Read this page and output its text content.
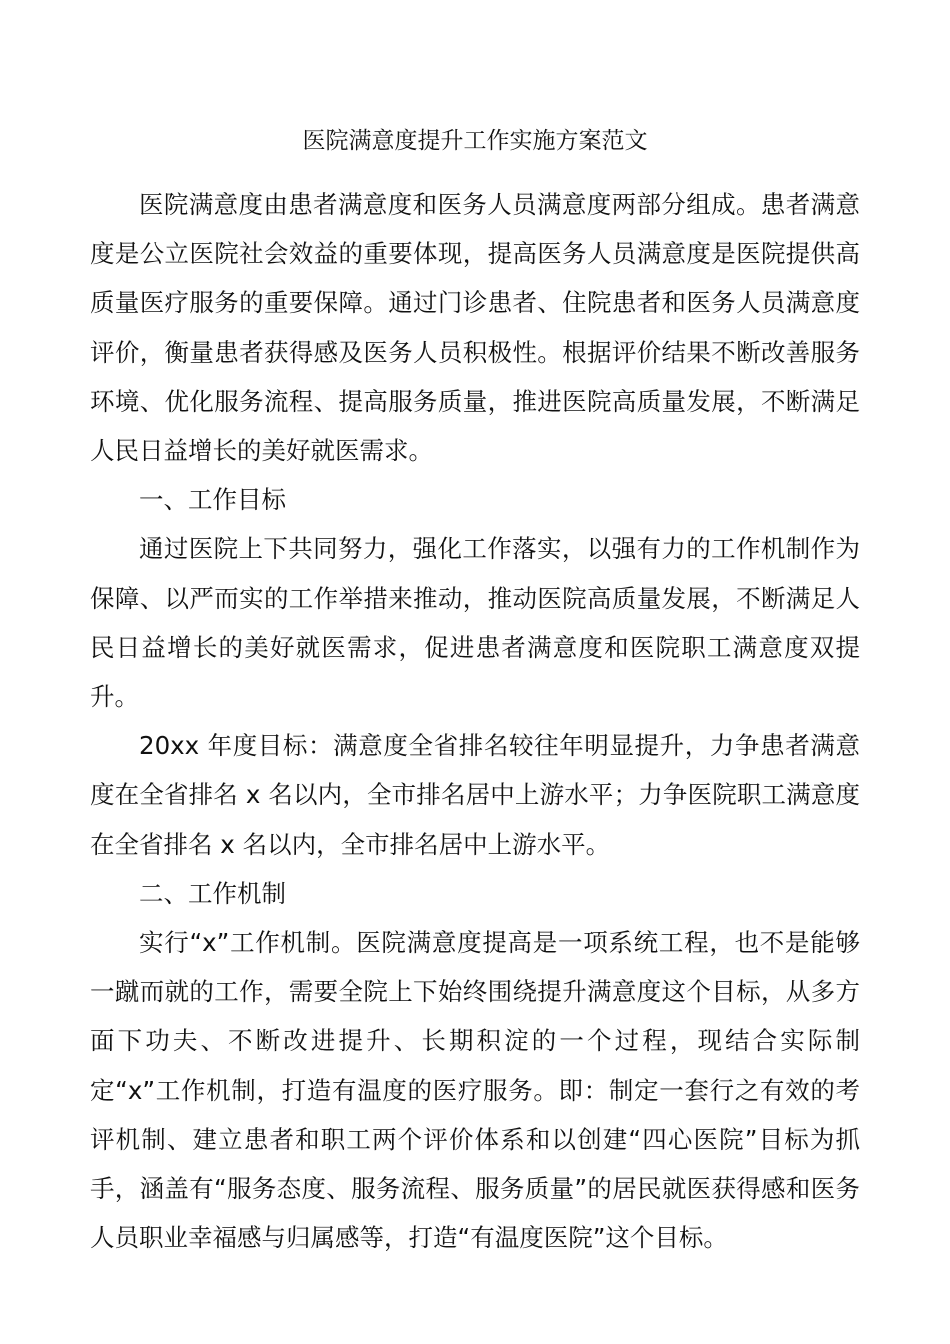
医院满意度提升工作实施方案范文

医院满意度由患者满意度和医务人员满意度两部分组成。患者满意度是公立医院社会效益的重要体现，提高医务人员满意度是医院提供高质量医疗服务的重要保障。通过门诊患者、住院患者和医务人员满意度评价，衡量患者获得感及医务人员积极性。根据评价结果不断改善服务环境、优化服务流程、提高服务质量，推进医院高质量发展，不断满足人民日益增长的美好就医需求。

一、工作目标

通过医院上下共同努力，强化工作落实，以强有力的工作机制作为保障、以严而实的工作举措来推动，推动医院高质量发展，不断满足人民日益增长的美好就医需求，促进患者满意度和医院职工满意度双提升。

20xx 年度目标：满意度全省排名较往年明显提升，力争患者满意度在全省排名 x 名以内，全市排名居中上游水平；力争医院职工满意度在全省排名 x 名以内，全市排名居中上游水平。

二、工作机制

实行“x”工作机制。医院满意度提高是一项系统工程，也不是能够一蹴而就的工作，需要全院上下始终围绕提升满意度这个目标，从多方面下功夫、不断改进提升、长期积淀的一个过程，现结合实际制定“x”工作机制，打造有温度的医疗服务。即：制定一套行之有效的考评机制、建立患者和职工两个评价体系和以创建“四心医院”目标为抓手，涵盖有“服务态度、服务流程、服务质量”的居民就医获得感和医务人员职业幸福感与归属感等，打造“有温度医院”这个目标。
